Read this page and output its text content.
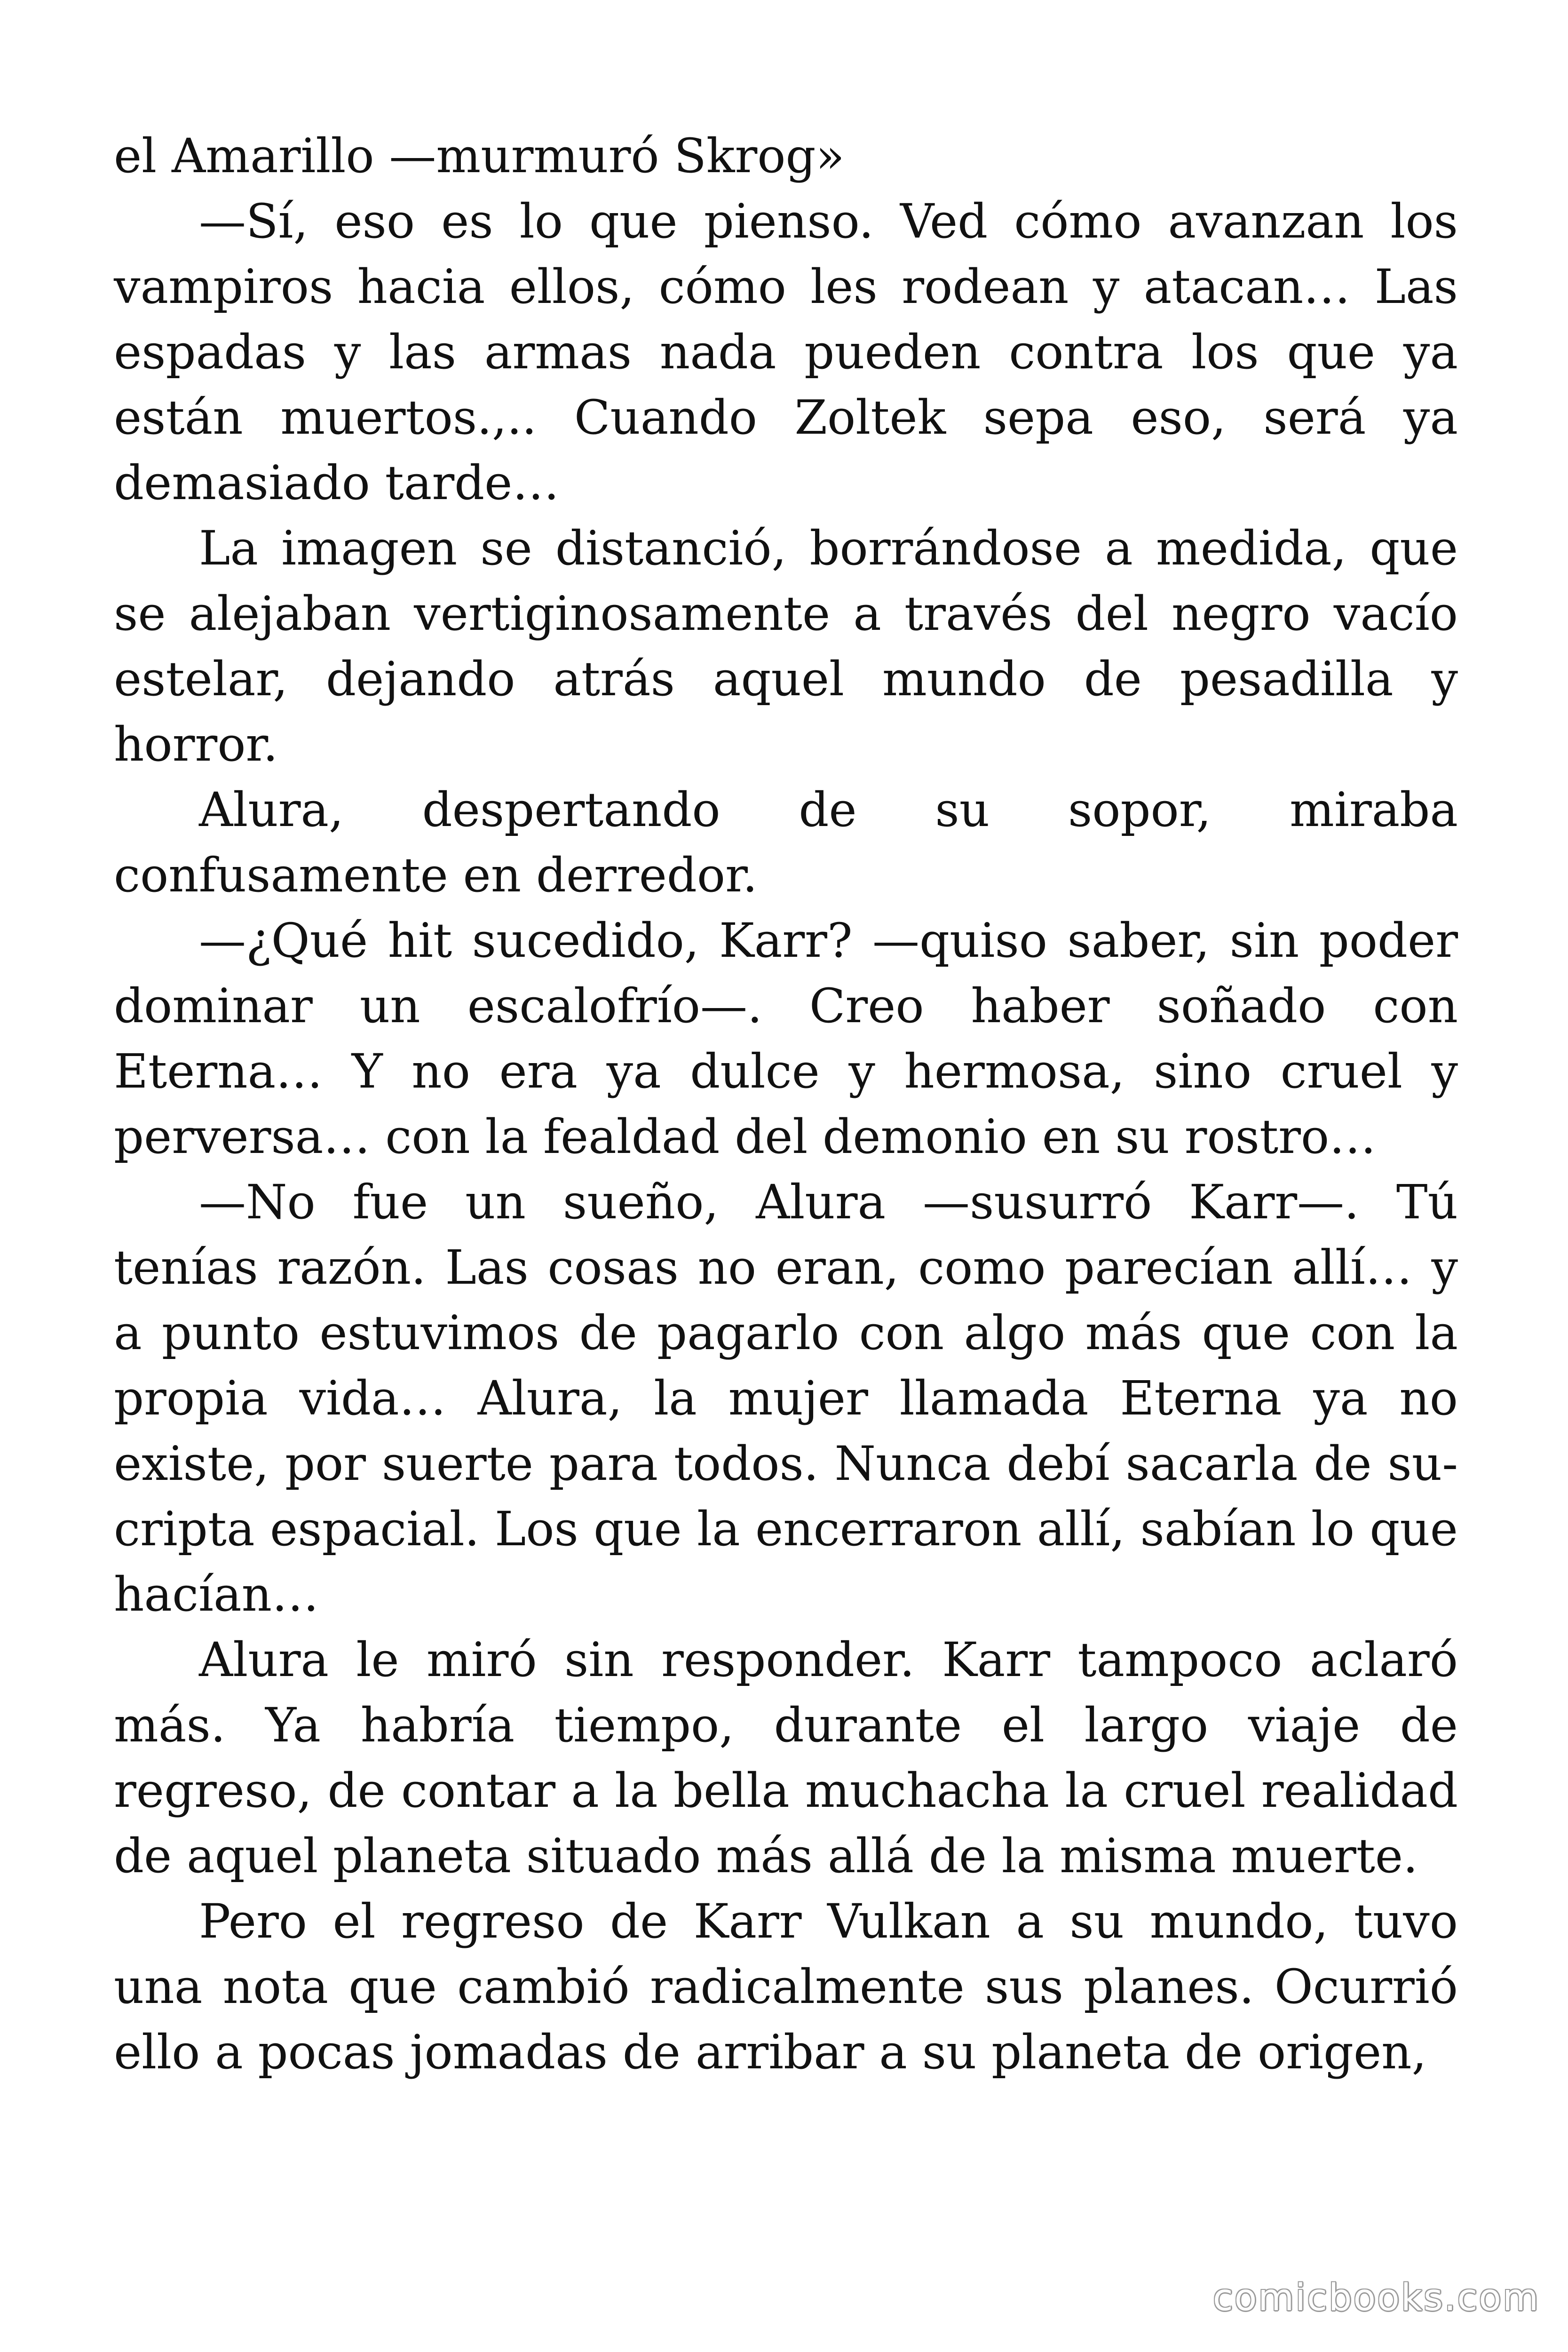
el Amarillo —murmuró Skrog»

—Sí, eso es lo que pienso. Ved cómo avanzan los vampiros hacia ellos, cómo les rodean y atacan… Las espadas y las armas nada pueden contra los que ya están muertos.,.. Cuando Zoltek sepa eso, será ya demasiado tarde…

La imagen se distanció, borrándose a medida, que se alejaban vertiginosamente a través del negro vacío estelar, dejando atrás aquel mundo de pesadilla y horror.

Alura, despertando de su sopor, miraba confusamente en derredor.

—¿Qué hit sucedido, Karr? —quiso saber, sin poder dominar un escalofrío—. Creo haber soñado con Eterna… Y no era ya dulce y hermosa, sino cruel y perversa… con la fealdad del demonio en su rostro…

—No fue un sueño, Alura —susurró Karr—. Tú tenías razón. Las cosas no eran, como parecían allí… y a punto estuvimos de pagarlo con algo más que con la propia vida… Alura, la mujer llamada Eterna ya no existe, por suerte para todos. Nunca debí sacarla de su-cripta espacial. Los que la encerraron allí, sabían lo que hacían…

Alura le miró sin responder. Karr tampoco aclaró más. Ya habría tiempo, durante el largo viaje de regreso, de contar a la bella muchacha la cruel realidad de aquel planeta situado más allá de la misma muerte.

Pero el regreso de Karr Vulkan a su mundo, tuvo una nota que cambió radicalmente sus planes. Ocurrió ello a pocas jomadas de arribar a su planeta de origen,

comicbooks.com
